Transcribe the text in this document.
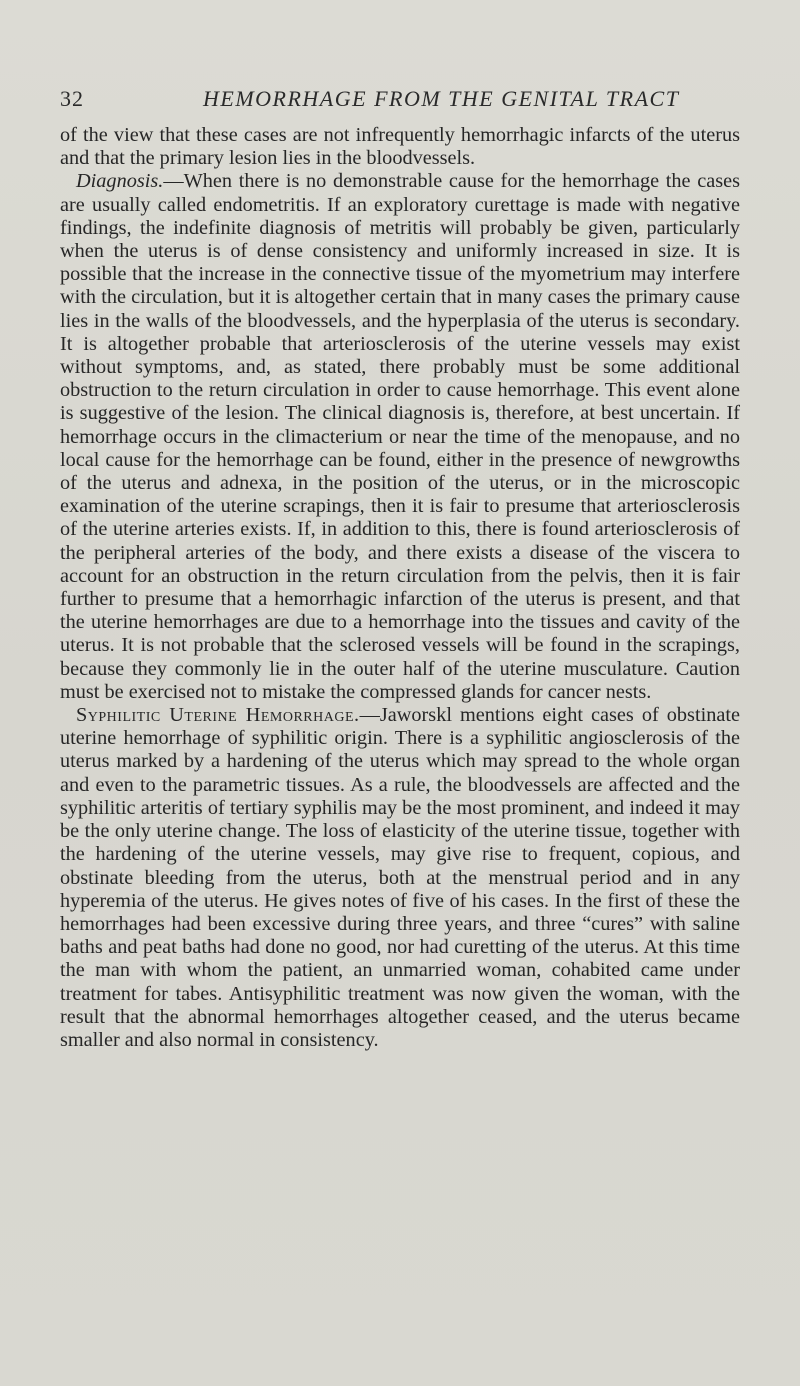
32	HEMORRHAGE FROM THE GENITAL TRACT

of the view that these cases are not infrequently hemorrhagic infarcts of the uterus and that the primary lesion lies in the bloodvessels.

Diagnosis.—When there is no demonstrable cause for the hemorrhage the cases are usually called endometritis. If an exploratory curettage is made with negative findings, the indefinite diagnosis of metritis will probably be given, particularly when the uterus is of dense consistency and uniformly increased in size. It is possible that the increase in the connective tissue of the myometrium may interfere with the circulation, but it is altogether certain that in many cases the primary cause lies in the walls of the bloodvessels, and the hyperplasia of the uterus is secondary. It is altogether probable that arteriosclerosis of the uterine vessels may exist without symptoms, and, as stated, there probably must be some additional obstruction to the return circulation in order to cause hemorrhage. This event alone is suggestive of the lesion. The clinical diagnosis is, therefore, at best uncertain. If hemorrhage occurs in the climacterium or near the time of the menopause, and no local cause for the hemorrhage can be found, either in the presence of newgrowths of the uterus and adnexa, in the position of the uterus, or in the microscopic examination of the uterine scrapings, then it is fair to presume that arteriosclerosis of the uterine arteries exists. If, in addition to this, there is found arteriosclerosis of the peripheral arteries of the body, and there exists a disease of the viscera to account for an obstruction in the return circulation from the pelvis, then it is fair further to presume that a hemorrhagic infarction of the uterus is present, and that the uterine hemorrhages are due to a hemorrhage into the tissues and cavity of the uterus. It is not probable that the sclerosed vessels will be found in the scrapings, because they commonly lie in the outer half of the uterine musculature. Caution must be exercised not to mistake the compressed glands for cancer nests.

Syphilitic Uterine Hemorrhage.—Jaworskl mentions eight cases of obstinate uterine hemorrhage of syphilitic origin. There is a syphilitic angiosclerosis of the uterus marked by a hardening of the uterus which may spread to the whole organ and even to the parametric tissues. As a rule, the bloodvessels are affected and the syphilitic arteritis of tertiary syphilis may be the most prominent, and indeed it may be the only uterine change. The loss of elasticity of the uterine tissue, together with the hardening of the uterine vessels, may give rise to frequent, copious, and obstinate bleeding from the uterus, both at the menstrual period and in any hyperemia of the uterus. He gives notes of five of his cases. In the first of these the hemorrhages had been excessive during three years, and three “cures” with saline baths and peat baths had done no good, nor had curetting of the uterus. At this time the man with whom the patient, an unmarried woman, cohabited came under treatment for tabes. Antisyphilitic treatment was now given the woman, with the result that the abnormal hemorrhages altogether ceased, and the uterus became smaller and also normal in consistency.
